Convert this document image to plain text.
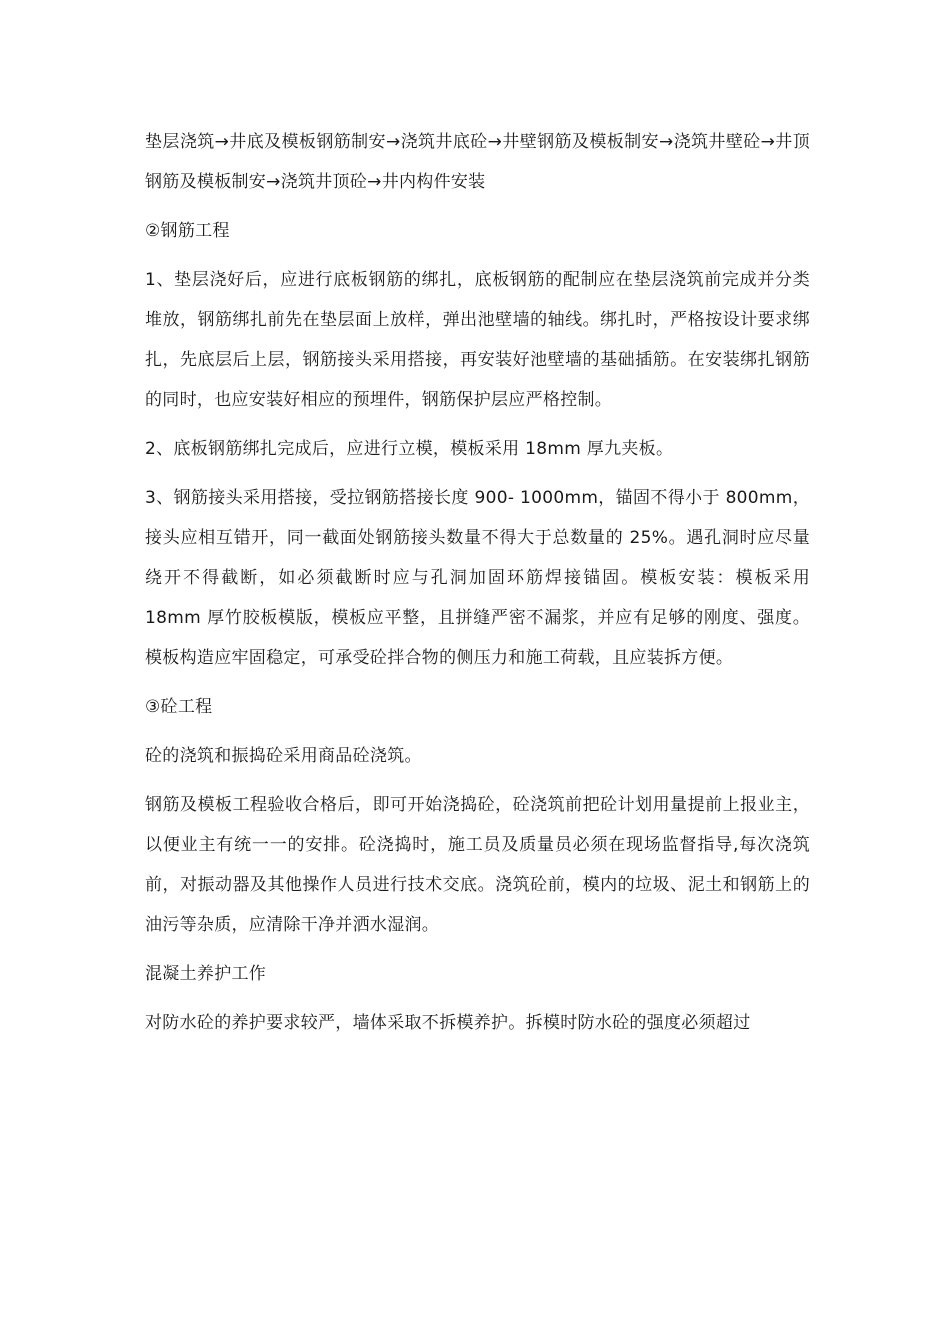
垫层浇筑→井底及模板钢筋制安→浇筑井底砼→井壁钢筋及模板制安→浇筑井壁砼→井顶钢筋及模板制安→浇筑井顶砼→井内构件安装

②钢筋工程

1、垫层浇好后，应进行底板钢筋的绑扎，底板钢筋的配制应在垫层浇筑前完成并分类堆放，钢筋绑扎前先在垫层面上放样，弹出池壁墙的轴线。绑扎时，严格按设计要求绑扎，先底层后上层，钢筋接头采用搭接，再安装好池壁墙的基础插筋。在安装绑扎钢筋的同时，也应安装好相应的预埋件，钢筋保护层应严格控制。

2、底板钢筋绑扎完成后，应进行立模，模板采用 18mm 厚九夹板。

3、钢筋接头采用搭接，受拉钢筋搭接长度 900- 1000mm，锚固不得小于 800mm，接头应相互错开，同一截面处钢筋接头数量不得大于总数量的 25%。遇孔洞时应尽量绕开不得截断，如必须截断时应与孔洞加固环筋焊接锚固。模板安装：模板采用 18mm 厚竹胶板模版，模板应平整，且拼缝严密不漏浆，并应有足够的刚度、强度。模板构造应牢固稳定，可承受砼拌合物的侧压力和施工荷载，且应装拆方便。

③砼工程

砼的浇筑和振捣砼采用商品砼浇筑。

钢筋及模板工程验收合格后，即可开始浇捣砼，砼浇筑前把砼计划用量提前上报业主，以便业主有统一一的安排。砼浇捣时，施工员及质量员必须在现场监督指导,每次浇筑前，对振动器及其他操作人员进行技术交底。浇筑砼前，模内的垃圾、泥土和钢筋上的油污等杂质，应清除干净并洒水湿润。

混凝土养护工作

对防水砼的养护要求较严，墙体采取不拆模养护。拆模时防水砼的强度必须超过
